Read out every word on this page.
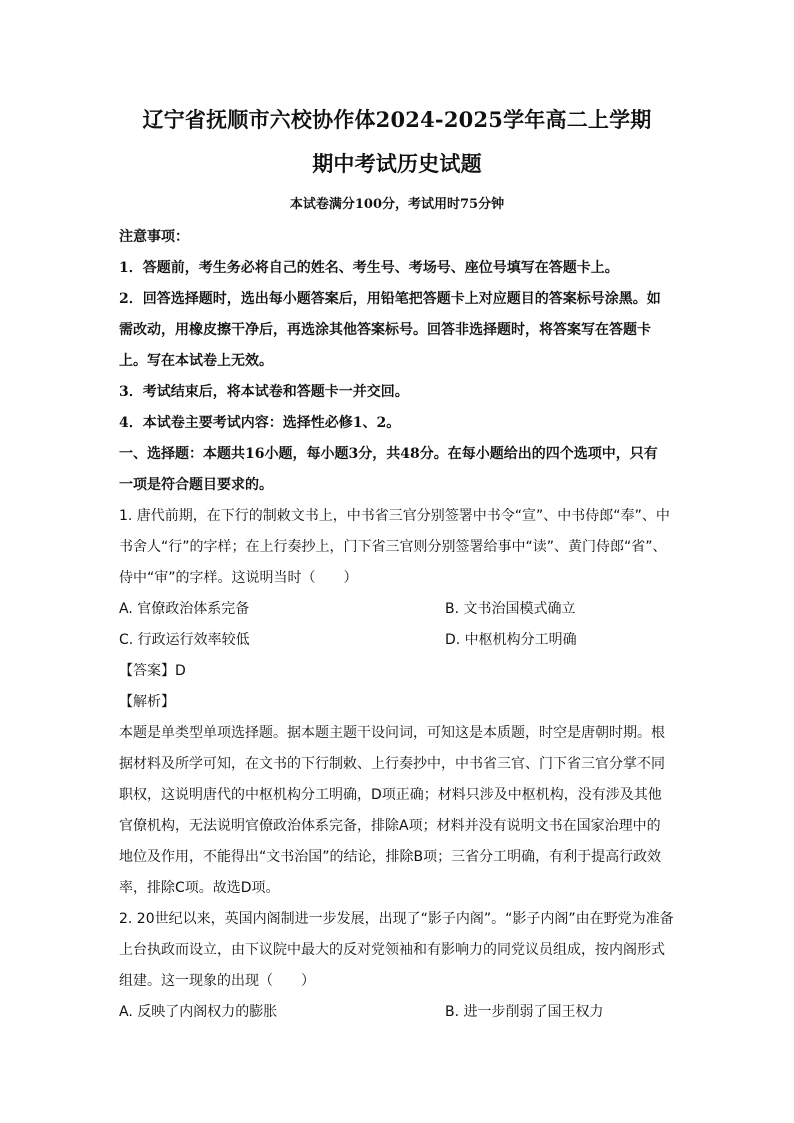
辽宁省抚顺市六校协作体2024-2025学年高二上学期

期中考试历史试题

本试卷满分100分，考试用时75分钟

注意事项：

1．答题前，考生务必将自己的姓名、考生号、考场号、座位号填写在答题卡上。

2．回答选择题时，选出每小题答案后，用铅笔把答题卡上对应题目的答案标号涂黑。如

需改动，用橡皮擦干净后，再选涂其他答案标号。回答非选择题时，将答案写在答题卡

上。写在本试卷上无效。

3．考试结束后，将本试卷和答题卡一并交回。

4．本试卷主要考试内容：选择性必修1、2。

一、选择题：本题共16小题，每小题3分，共48分。在每小题给出的四个选项中，只有

一项是符合题目要求的。

1. 唐代前期，在下行的制敕文书上，中书省三官分别签署中书令“宣”、中书侍郎“奉”、中

书舍人“行”的字样；在上行奏抄上，门下省三官则分别签署给事中“读”、黄门侍郎“省”、

侍中“审”的字样。这说明当时（　　）

A. 官僚政治体系完备	B. 文书治国模式确立
C. 行政运行效率较低	D. 中枢机构分工明确

【答案】D

【解析】

本题是单类型单项选择题。据本题主题干设问词，可知这是本质题，时空是唐朝时期。根

据材料及所学可知，在文书的下行制敕、上行奏抄中，中书省三官、门下省三官分掌不同

职权，这说明唐代的中枢机构分工明确，D项正确；材料只涉及中枢机构，没有涉及其他

官僚机构，无法说明官僚政治体系完备，排除A项；材料并没有说明文书在国家治理中的

地位及作用，不能得出“文书治国”的结论，排除B项；三省分工明确，有利于提高行政效

率，排除C项。故选D项。

2. 20世纪以来，英国内阁制进一步发展，出现了“影子内阁”。“影子内阁”由在野党为准备

上台执政而设立，由下议院中最大的反对党领袖和有影响力的同党议员组成，按内阁形式

组建。这一现象的出现（　　）

A. 反映了内阁权力的膨胀	B. 进一步削弱了国王权力
